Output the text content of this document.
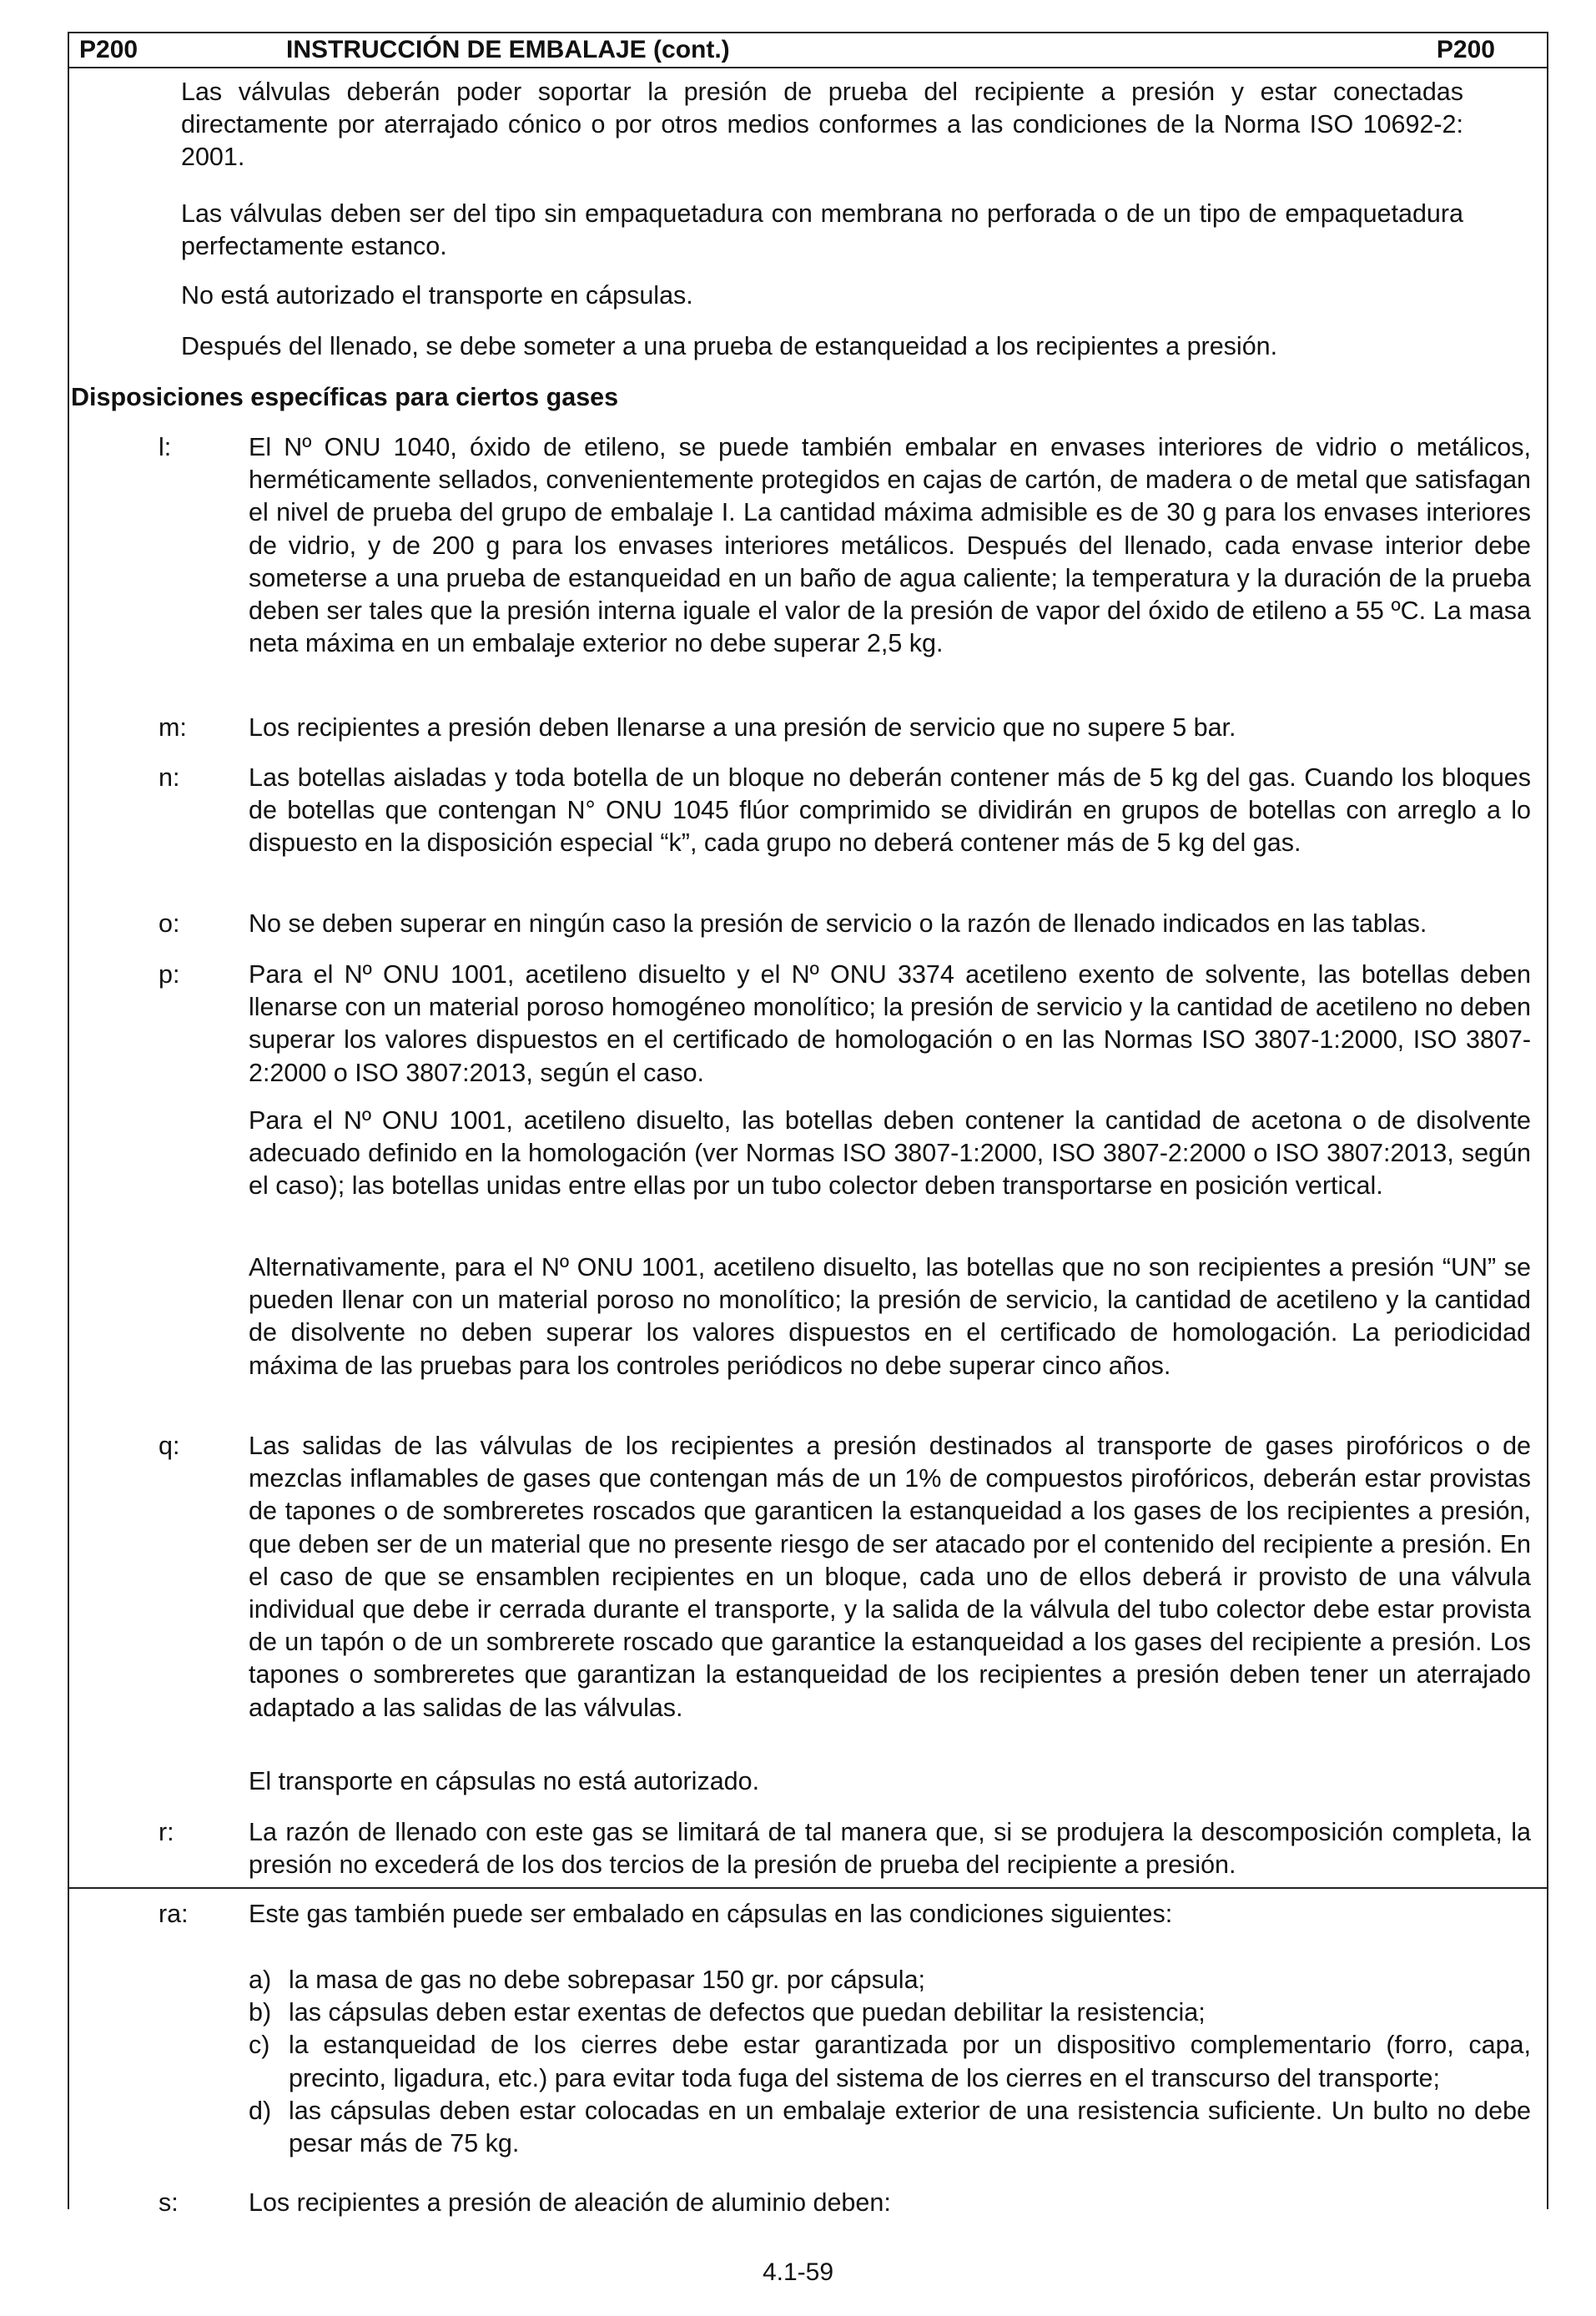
P200	INSTRUCCIÓN DE EMBALAJE (cont.)	P200

Las válvulas deberán poder soportar la presión de prueba del recipiente a presión y estar conectadas directamente por aterrajado cónico o por otros medios conformes a las condiciones de la Norma ISO 10692-2: 2001.

Las válvulas deben ser del tipo sin empaquetadura con membrana no perforada o de un tipo de empaquetadura perfectamente estanco.

No está autorizado el transporte en cápsulas.

Después del llenado, se debe someter a una prueba de estanqueidad a los recipientes a presión.

Disposiciones específicas para ciertos gases
l:	El Nº ONU 1040, óxido de etileno, se puede también embalar en envases interiores de vidrio o metálicos, herméticamente sellados, convenientemente protegidos en cajas de cartón, de madera o de metal que satisfagan el nivel de prueba del grupo de embalaje I. La cantidad máxima admisible es de 30 g para los envases interiores de vidrio, y de 200 g para los envases interiores metálicos. Después del llenado, cada envase interior debe someterse a una prueba de estanqueidad en un baño de agua caliente; la temperatura y la duración de la prueba deben ser tales que la presión interna iguale el valor de la presión de vapor del óxido de etileno a 55 ºC. La masa neta máxima en un embalaje exterior no debe superar 2,5 kg.

m: Los recipientes a presión deben llenarse a una presión de servicio que no supere 5 bar.

n:	Las botellas aisladas y toda botella de un bloque no deberán contener más de 5 kg del gas. Cuando los bloques de botellas que contengan N° ONU 1045 flúor comprimido se dividirán en grupos de botellas con arreglo a lo dispuesto en la disposición especial “k”, cada grupo no deberá contener más de 5 kg del gas.

o:	No se deben superar en ningún caso la presión de servicio o la razón de llenado indicados en las tablas.

p:	Para el Nº ONU 1001, acetileno disuelto y el Nº ONU 3374 acetileno exento de solvente, las botellas deben llenarse con un material poroso homogéneo monolítico; la presión de servicio y la cantidad de acetileno no deben superar los valores dispuestos en el certificado de homologación o en las Normas ISO 3807-1:2000, ISO 3807-2:2000 o ISO 3807:2013, según el caso.

Para el Nº ONU 1001, acetileno disuelto, las botellas deben contener la cantidad de acetona o de disolvente adecuado definido en la homologación (ver Normas ISO 3807-1:2000, ISO 3807-2:2000 o ISO 3807:2013, según el caso); las botellas unidas entre ellas por un tubo colector deben transportarse en posición vertical.

Alternativamente, para el Nº ONU 1001, acetileno disuelto, las botellas que no son recipientes a presión “UN” se pueden llenar con un material poroso no monolítico; la presión de servicio, la cantidad de acetileno y la cantidad de disolvente no deben superar los valores dispuestos en el certificado de homologación. La periodicidad máxima de las pruebas para los controles periódicos no debe superar cinco años.

q:	Las salidas de las válvulas de los recipientes a presión destinados al transporte de gases pirofóricos o de mezclas inflamables de gases que contengan más de un 1% de compuestos pirofóricos, deberán estar provistas de tapones o de sombreretes roscados que garanticen la estanqueidad a los gases de los recipientes a presión, que deben ser de un material que no presente riesgo de ser atacado por el contenido del recipiente a presión. En el caso de que se ensamblen recipientes en un bloque, cada uno de ellos deberá ir provisto de una válvula individual que debe ir cerrada durante el transporte, y la salida de la válvula del tubo colector debe estar provista de un tapón o de un sombrerete roscado que garantice la estanqueidad a los gases del recipiente a presión. Los tapones o sombreretes que garantizan la estanqueidad de los recipientes a presión deben tener un aterrajado adaptado a las salidas de las válvulas.

El transporte en cápsulas no está autorizado.

r:	La razón de llenado con este gas se limitará de tal manera que, si se produjera la descomposición completa, la presión no excederá de los dos tercios de la presión de prueba del recipiente a presión.

ra: Este gas también puede ser embalado en cápsulas en las condiciones siguientes:

a) la masa de gas no debe sobrepasar 150 gr. por cápsula;
b) las cápsulas deben estar exentas de defectos que puedan debilitar la resistencia;
c) la estanqueidad de los cierres debe estar garantizada por un dispositivo complementario (forro, capa, precinto, ligadura, etc.) para evitar toda fuga del sistema de los cierres en el transcurso del transporte;
d) las cápsulas deben estar colocadas en un embalaje exterior de una resistencia suficiente. Un bulto no debe pesar más de 75 kg.
s:	Los recipientes a presión de aleación de aluminio deben:

4.1-59
